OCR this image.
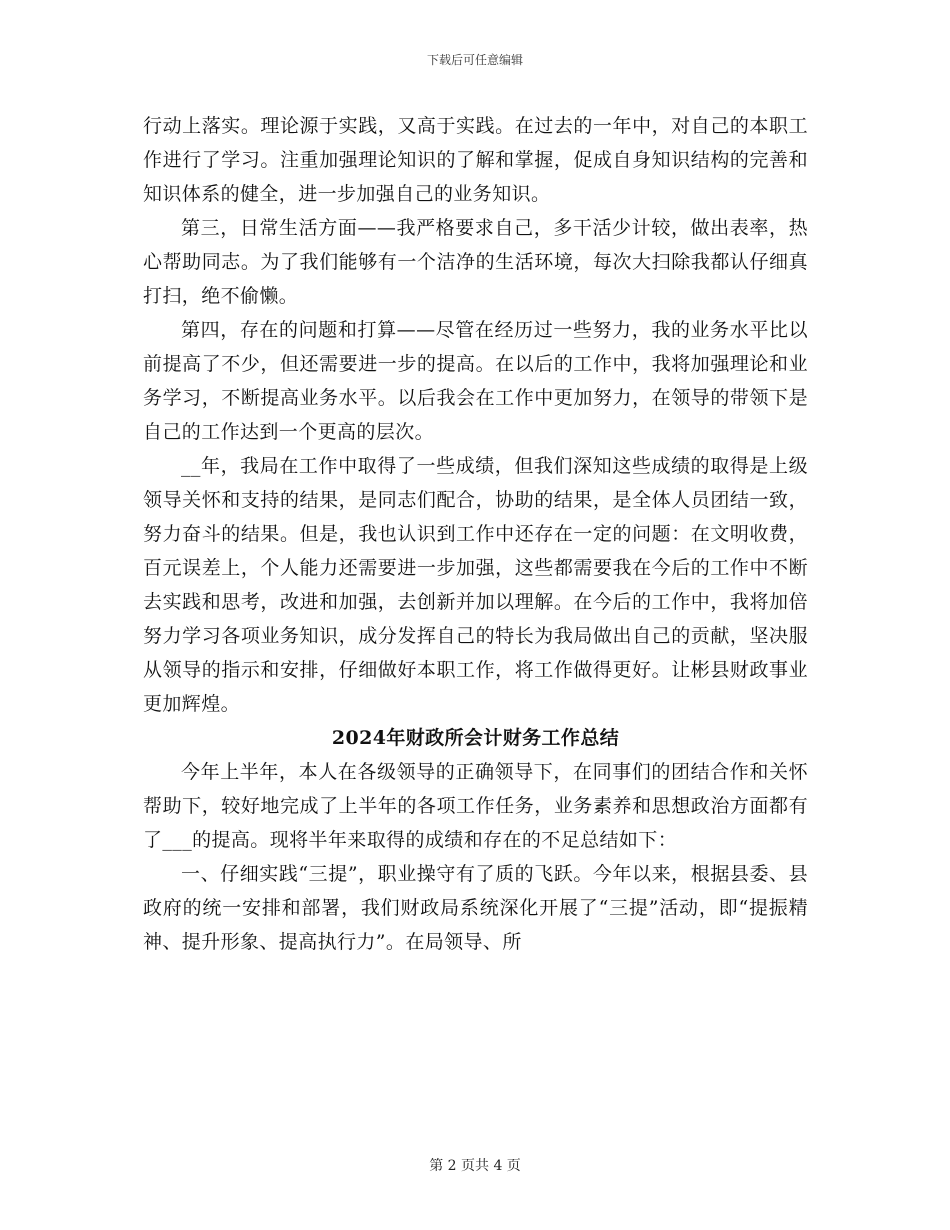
下载后可任意编辑

行动上落实。理论源于实践，又高于实践。在过去的一年中，对自己的本职工作进行了学习。注重加强理论知识的了解和掌握，促成自身知识结构的完善和知识体系的健全，进一步加强自己的业务知识。

第三，日常生活方面——我严格要求自己，多干活少计较，做出表率，热心帮助同志。为了我们能够有一个洁净的生活环境，每次大扫除我都认仔细真打扫，绝不偷懒。

第四，存在的问题和打算——尽管在经历过一些努力，我的业务水平比以前提高了不少，但还需要进一步的提高。在以后的工作中，我将加强理论和业务学习，不断提高业务水平。以后我会在工作中更加努力，在领导的带领下是自己的工作达到一个更高的层次。

__年，我局在工作中取得了一些成绩，但我们深知这些成绩的取得是上级领导关怀和支持的结果，是同志们配合，协助的结果，是全体人员团结一致，努力奋斗的结果。但是，我也认识到工作中还存在一定的问题：在文明收费，百元误差上，个人能力还需要进一步加强，这些都需要我在今后的工作中不断去实践和思考，改进和加强，去创新并加以理解。在今后的工作中，我将加倍努力学习各项业务知识，成分发挥自己的特长为我局做出自己的贡献，坚决服从领导的指示和安排，仔细做好本职工作，将工作做得更好。让彬县财政事业更加辉煌。

2024年财政所会计财务工作总结

今年上半年，本人在各级领导的正确领导下，在同事们的团结合作和关怀帮助下，较好地完成了上半年的各项工作任务，业务素养和思想政治方面都有了___的提高。现将半年来取得的成绩和存在的不足总结如下：

一、仔细实践“三提”，职业操守有了质的飞跃。今年以来，根据县委、县政府的统一安排和部署，我们财政局系统深化开展了“三提”活动，即“提振精神、提升形象、提高执行力”。在局领导、所

第 2 页共 4 页
